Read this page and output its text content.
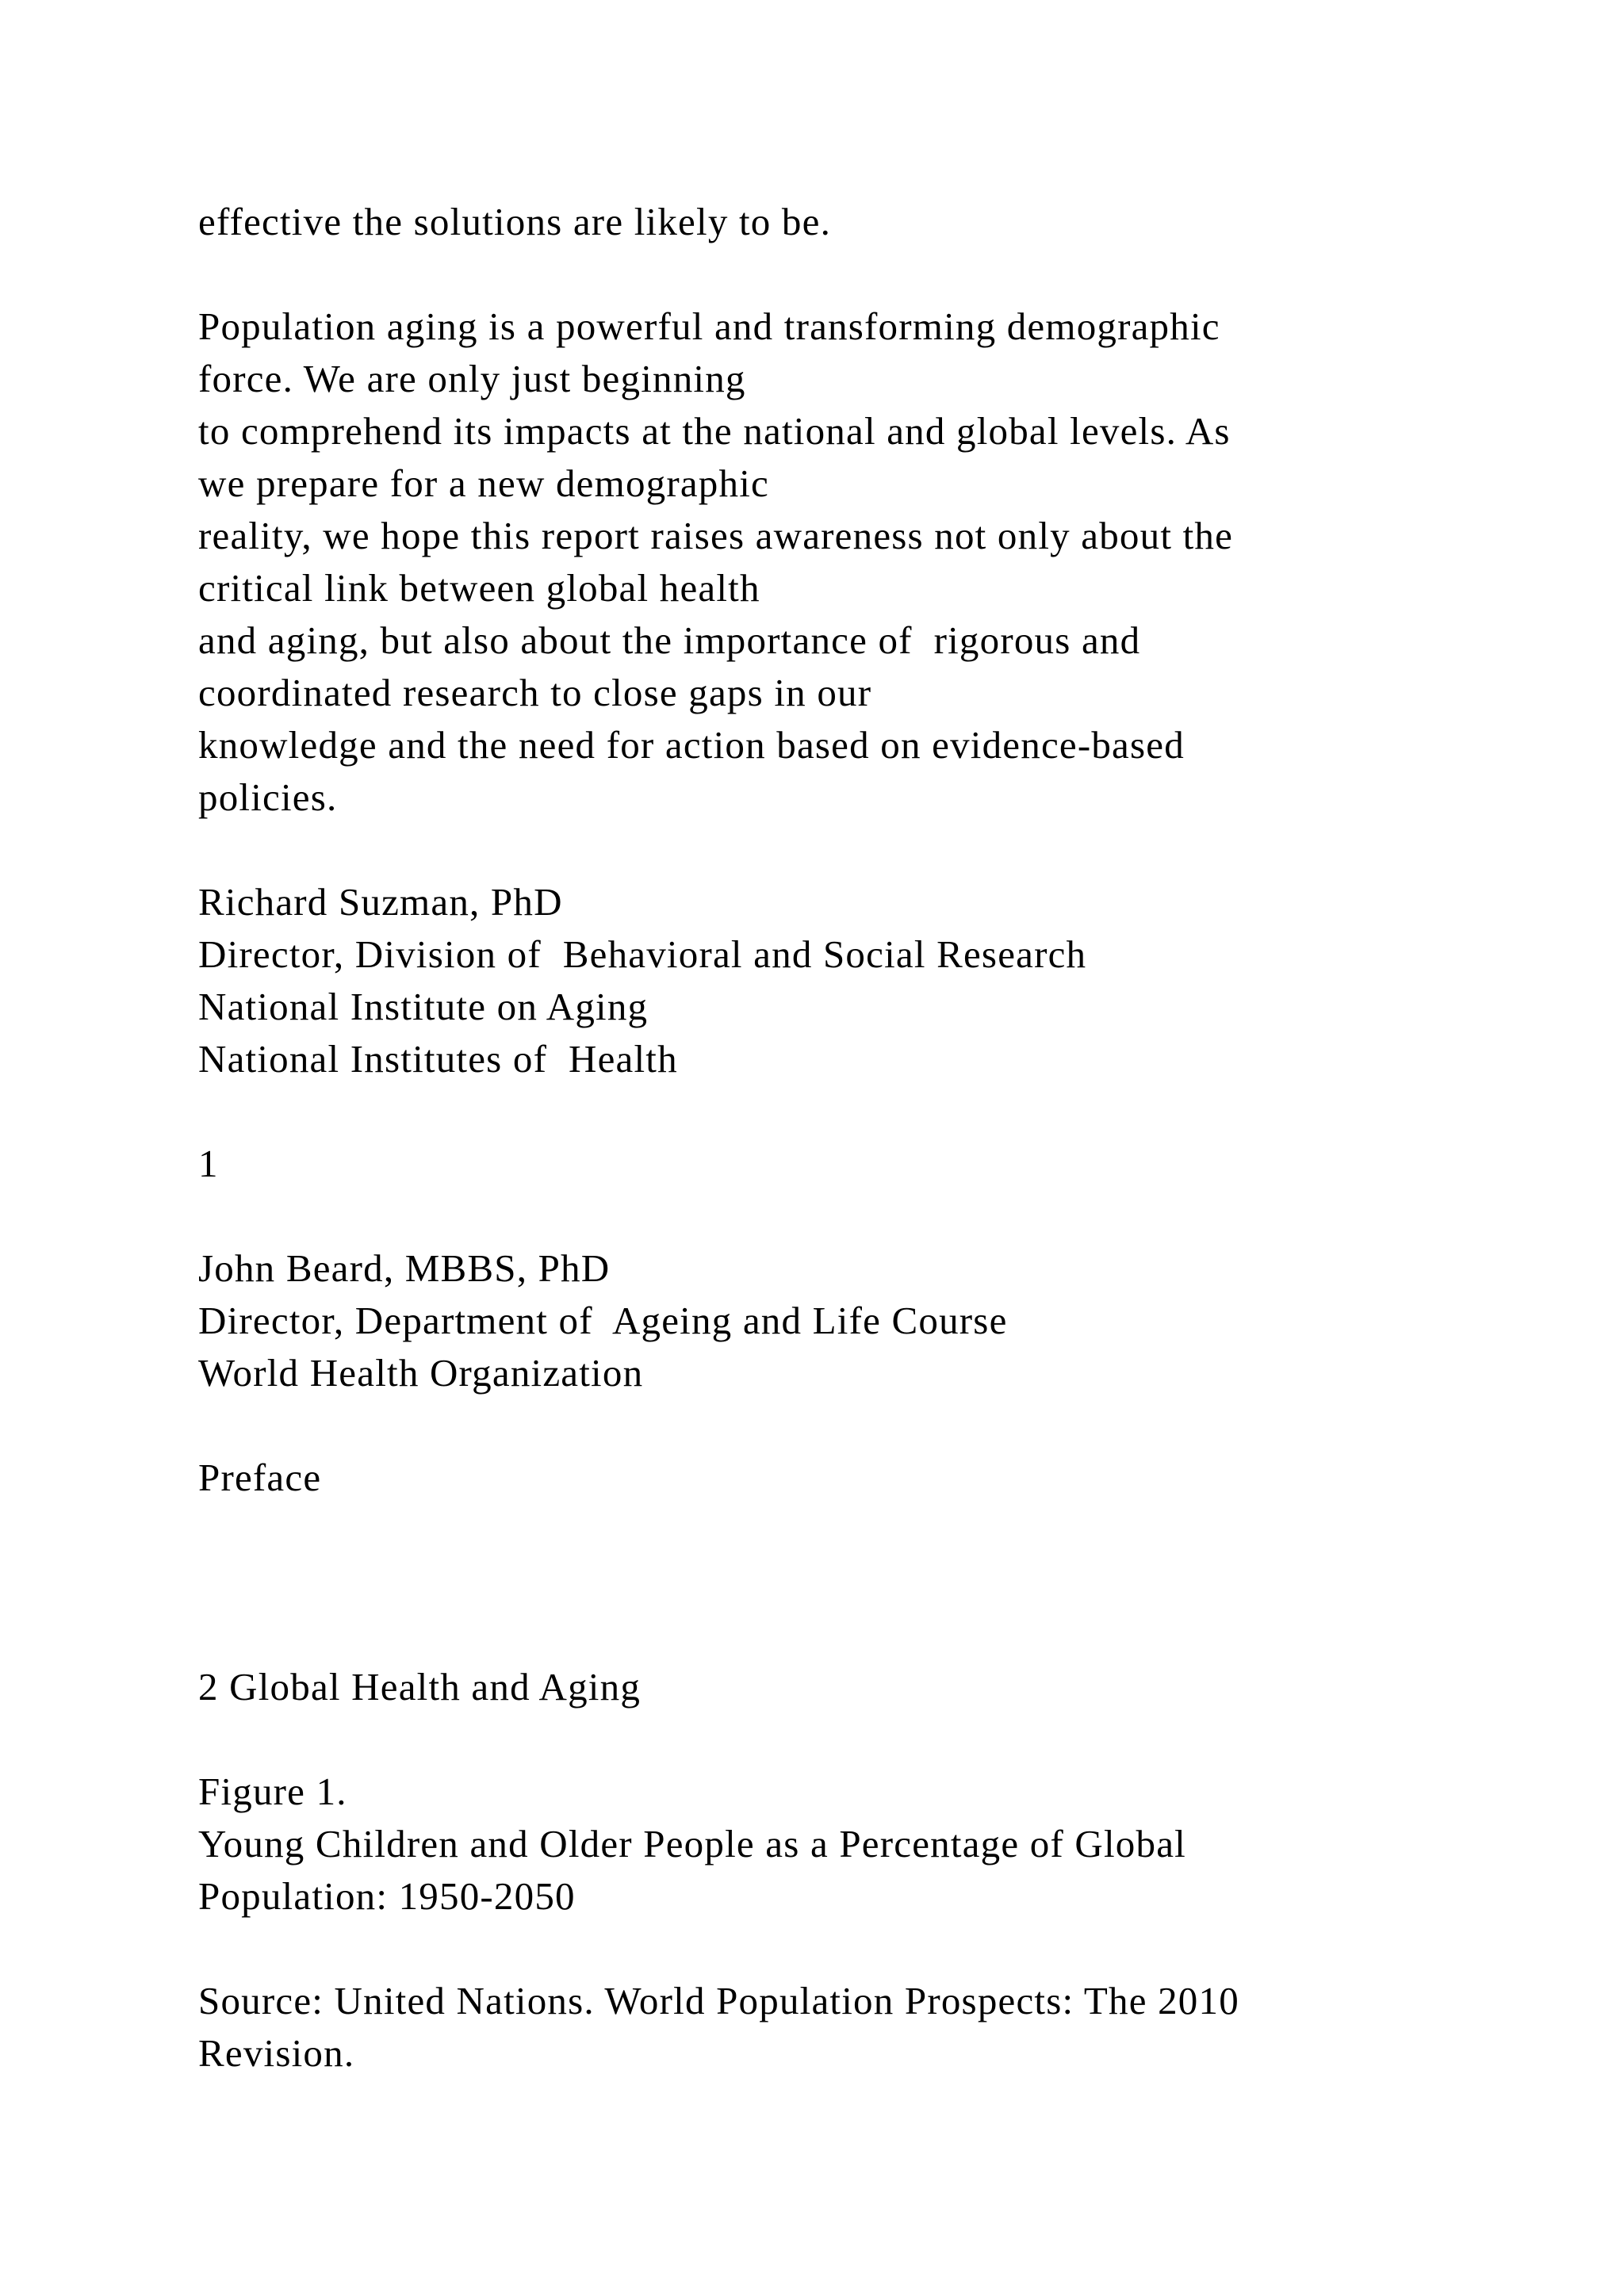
effective the solutions are likely to be.
Population aging is a powerful and transforming demographic
force. We are only just beginning
to comprehend its impacts at the national and global levels. As
we prepare for a new demographic
reality, we hope this report raises awareness not only about the
critical link between global health
and aging, but also about the importance of  rigorous and
coordinated research to close gaps in our
knowledge and the need for action based on evidence-based
policies.
Richard Suzman, PhD
Director, Division of  Behavioral and Social Research
National Institute on Aging
National Institutes of  Health
1
John Beard, MBBS, PhD
Director, Department of  Ageing and Life Course
World Health Organization
Preface
2 Global Health and Aging
Figure 1.
Young Children and Older People as a Percentage of Global
Population: 1950-2050
Source: United Nations. World Population Prospects: The 2010
Revision.
